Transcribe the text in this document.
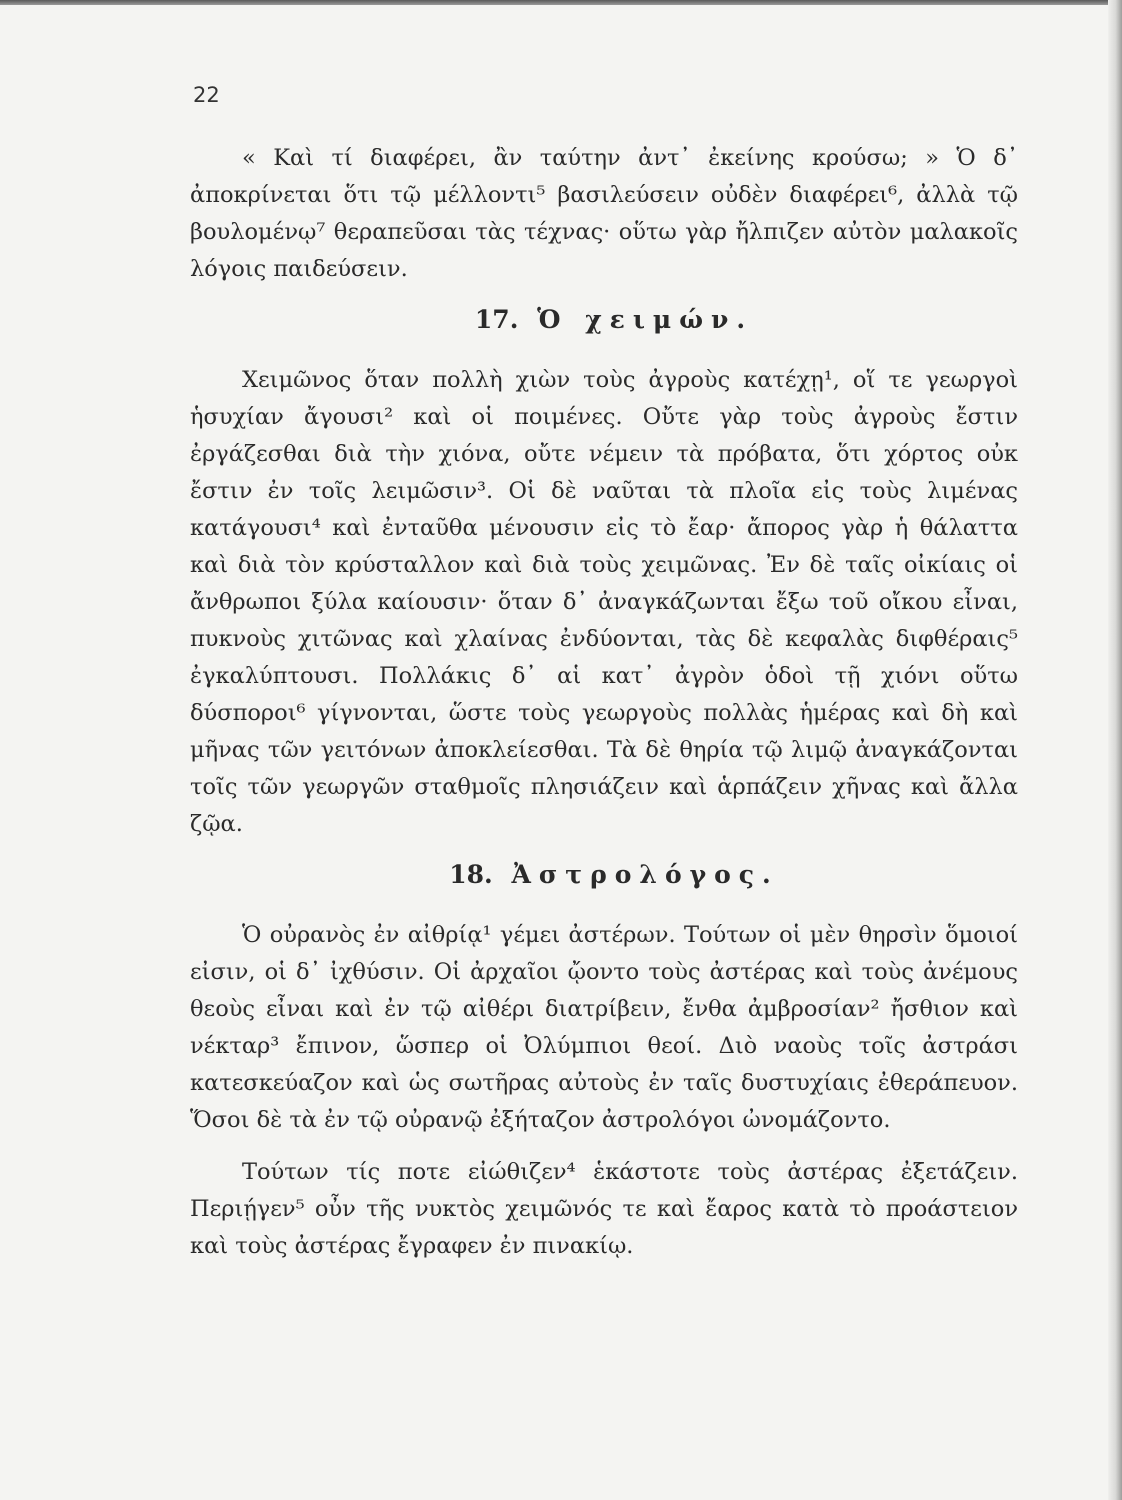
22

« Καὶ τί διαφέρει, ἂν ταύτην ἀντ᾽ ἐκείνης κρούσω; » Ὁ δ᾽ ἀποκρίνεται ὅτι τῷ μέλλοντι⁵ βασιλεύσειν οὐδὲν διαφέρει⁶, ἀλλὰ τῷ βουλομένῳ⁷ θεραπεῦσαι τὰς τέχνας· οὕτω γὰρ ἤλπιζεν αὐτὸν μαλακοῖς λόγοις παιδεύσειν.

17. Ὁ χειμών.

Χειμῶνος ὅταν πολλὴ χιὼν τοὺς ἀγροὺς κατέχῃ¹, οἵ τε γεωργοὶ ἡσυχίαν ἄγουσι² καὶ οἱ ποιμένες. Οὔτε γὰρ τοὺς ἀγροὺς ἔστιν ἐργάζεσθαι διὰ τὴν χιόνα, οὔτε νέμειν τὰ πρόβατα, ὅτι χόρτος οὐκ ἔστιν ἐν τοῖς λειμῶσιν³. Οἱ δὲ ναῦται τὰ πλοῖα εἰς τοὺς λιμένας κατάγουσι⁴ καὶ ἐνταῦθα μένουσιν εἰς τὸ ἔαρ· ἄπορος γὰρ ἡ θάλαττα καὶ διὰ τὸν κρύσταλλον καὶ διὰ τοὺς χειμῶνας. Ἐν δὲ ταῖς οἰκίαις οἱ ἄνθρωποι ξύλα καίουσιν· ὅταν δ᾽ ἀναγκάζωνται ἔξω τοῦ οἴκου εἶναι, πυκνοὺς χιτῶνας καὶ χλαίνας ἐνδύονται, τὰς δὲ κεφαλὰς διφθέραις⁵ ἐγκαλύπτουσι. Πολλάκις δ᾽ αἱ κατ᾽ ἀγρὸν ὁδοὶ τῇ χιόνι οὕτω δύσποροι⁶ γίγνονται, ὥστε τοὺς γεωργοὺς πολλὰς ἡμέρας καὶ δὴ καὶ μῆνας τῶν γειτόνων ἀποκλείεσθαι. Τὰ δὲ θηρία τῷ λιμῷ ἀναγκάζονται τοῖς τῶν γεωργῶν σταθμοῖς πλησιάζειν καὶ ἁρπάζειν χῆνας καὶ ἄλλα ζῷα.

18. Ἀστρολόγος.

Ὁ οὐρανὸς ἐν αἰθρίᾳ¹ γέμει ἀστέρων. Τούτων οἱ μὲν θηρσὶν ὅμοιοί εἰσιν, οἱ δ᾽ ἰχθύσιν. Οἱ ἀρχαῖοι ᾤοντο τοὺς ἀστέρας καὶ τοὺς ἀνέμους θεοὺς εἶναι καὶ ἐν τῷ αἰθέρι διατρίβειν, ἔνθα ἀμβροσίαν² ἤσθιον καὶ νέκταρ³ ἔπινον, ὥσπερ οἱ Ὀλύμπιοι θεοί. Διὸ ναοὺς τοῖς ἀστράσι κατεσκεύαζον καὶ ὡς σωτῆρας αὐτοὺς ἐν ταῖς δυστυχίαις ἐθεράπευον. Ὅσοι δὲ τὰ ἐν τῷ οὐρανῷ ἐξήταζον ἀστρολόγοι ὠνομάζοντο.

Τούτων τίς ποτε εἰώθιζεν⁴ ἑκάστοτε τοὺς ἀστέρας ἐξετάζειν. Περιῄγεν⁵ οὖν τῆς νυκτὸς χειμῶνός τε καὶ ἔαρος κατὰ τὸ προάστειον καὶ τοὺς ἀστέρας ἔγραφεν ἐν πινακίῳ.
